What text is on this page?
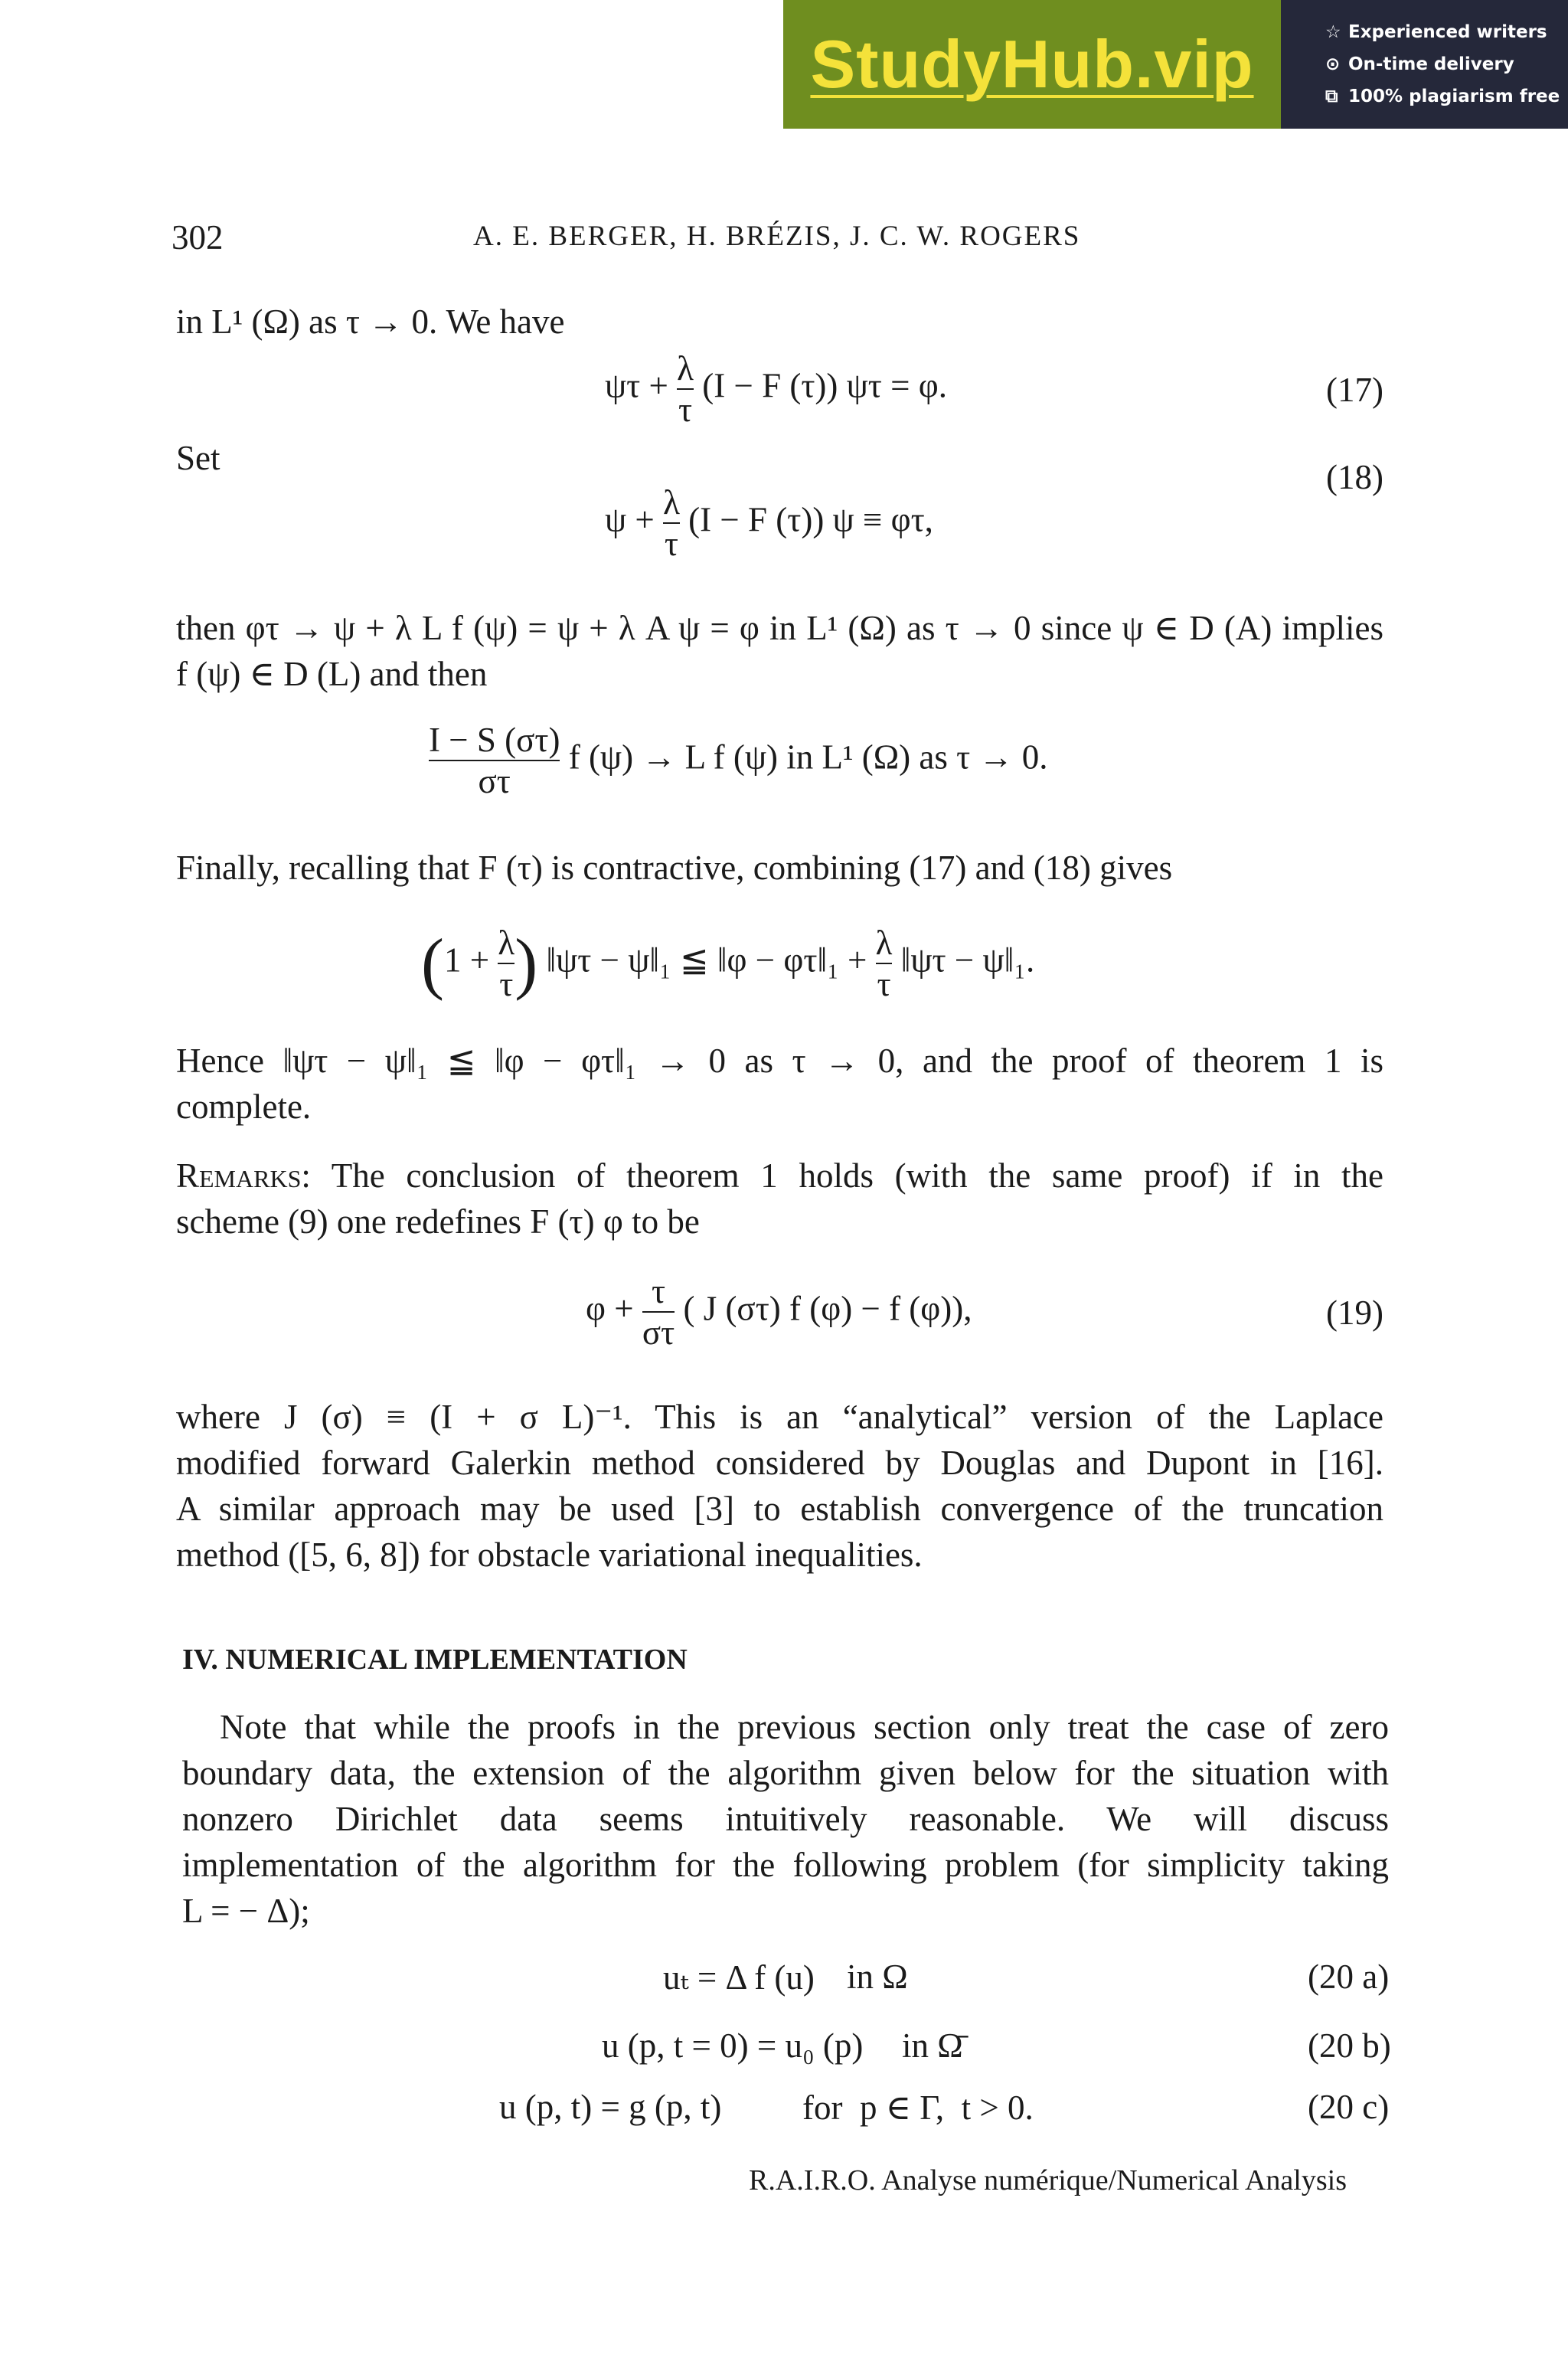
StudyHub.vip	☆ Experienced writers
⊙ On-time delivery
⧉ 100% plagiarism free
302	A. E. BERGER, H. BRÉZIS, J. C. W. ROGERS
in L¹ (Ω) as τ → 0. We have
$\psi\tau + \frac{\lambda}{\tau} (I - F$ (τ)) ψτ = φ.	(17)
Set	(18)
$\psi + \frac{\lambda}{\tau} (I - F$ (τ)) ψ ≡ φτ,
then φτ → ψ + λ L f (ψ) = ψ + λ A ψ = φ in L¹ (Ω) as τ → 0 since ψ ∈ D (A) implies
f (ψ) ∈ D (L) and then
$\frac{I - S (\sigma\tau)}{\sigma\tau}$ f (ψ) → L f (ψ) in L¹ (Ω) as τ → 0.
Finally, recalling that F (τ) is contractive, combining (17) and (18) gives
($1 + \frac{\lambda}{\tau}$ ) ‖ψτ − ψ‖₁ ≦ ‖φ − φτ‖₁ + $\frac{\lambda}{\tau}$ ‖ψτ − ψ‖₁.
Hence ‖ψτ − ψ‖₁ ≦ ‖φ − φτ‖₁ → 0 as τ → 0, and the proof of theorem 1 is
complete.
Remarks: The conclusion of theorem 1 holds (with the same proof) if in the
scheme (9) one redefines F (τ) φ to be
$\varphi + \frac{\tau}{\sigma\tau}$ ( J (στ) f (φ) − f (φ)),	(19)
where J (σ) ≡ (I + σ L)⁻¹. This is an “analytical” version of the Laplace
modified forward Galerkin method considered by Douglas and Dupont in [16].
A similar approach may be used [3] to establish convergence of the truncation
method ([5, 6, 8]) for obstacle variational inequalities.
IV. NUMERICAL IMPLEMENTATION
Note that while the proofs in the previous section only treat the case of zero
boundary data, the extension of the algorithm given below for the situation with
nonzero Dirichlet data seems intuitively reasonable. We will discuss
implementation of the algorithm for the following problem (for simplicity taking
L = − Δ);
uₜ = Δ f (u) in Ω	(20 a)
u (p, t = 0) = u₀ (p) in Ω̄	(20 b)
u (p, t) = g (p, t) for  p ∈ Γ,  t > 0.	(20 c)
R.A.I.R.O. Analyse numérique/Numerical Analysis
